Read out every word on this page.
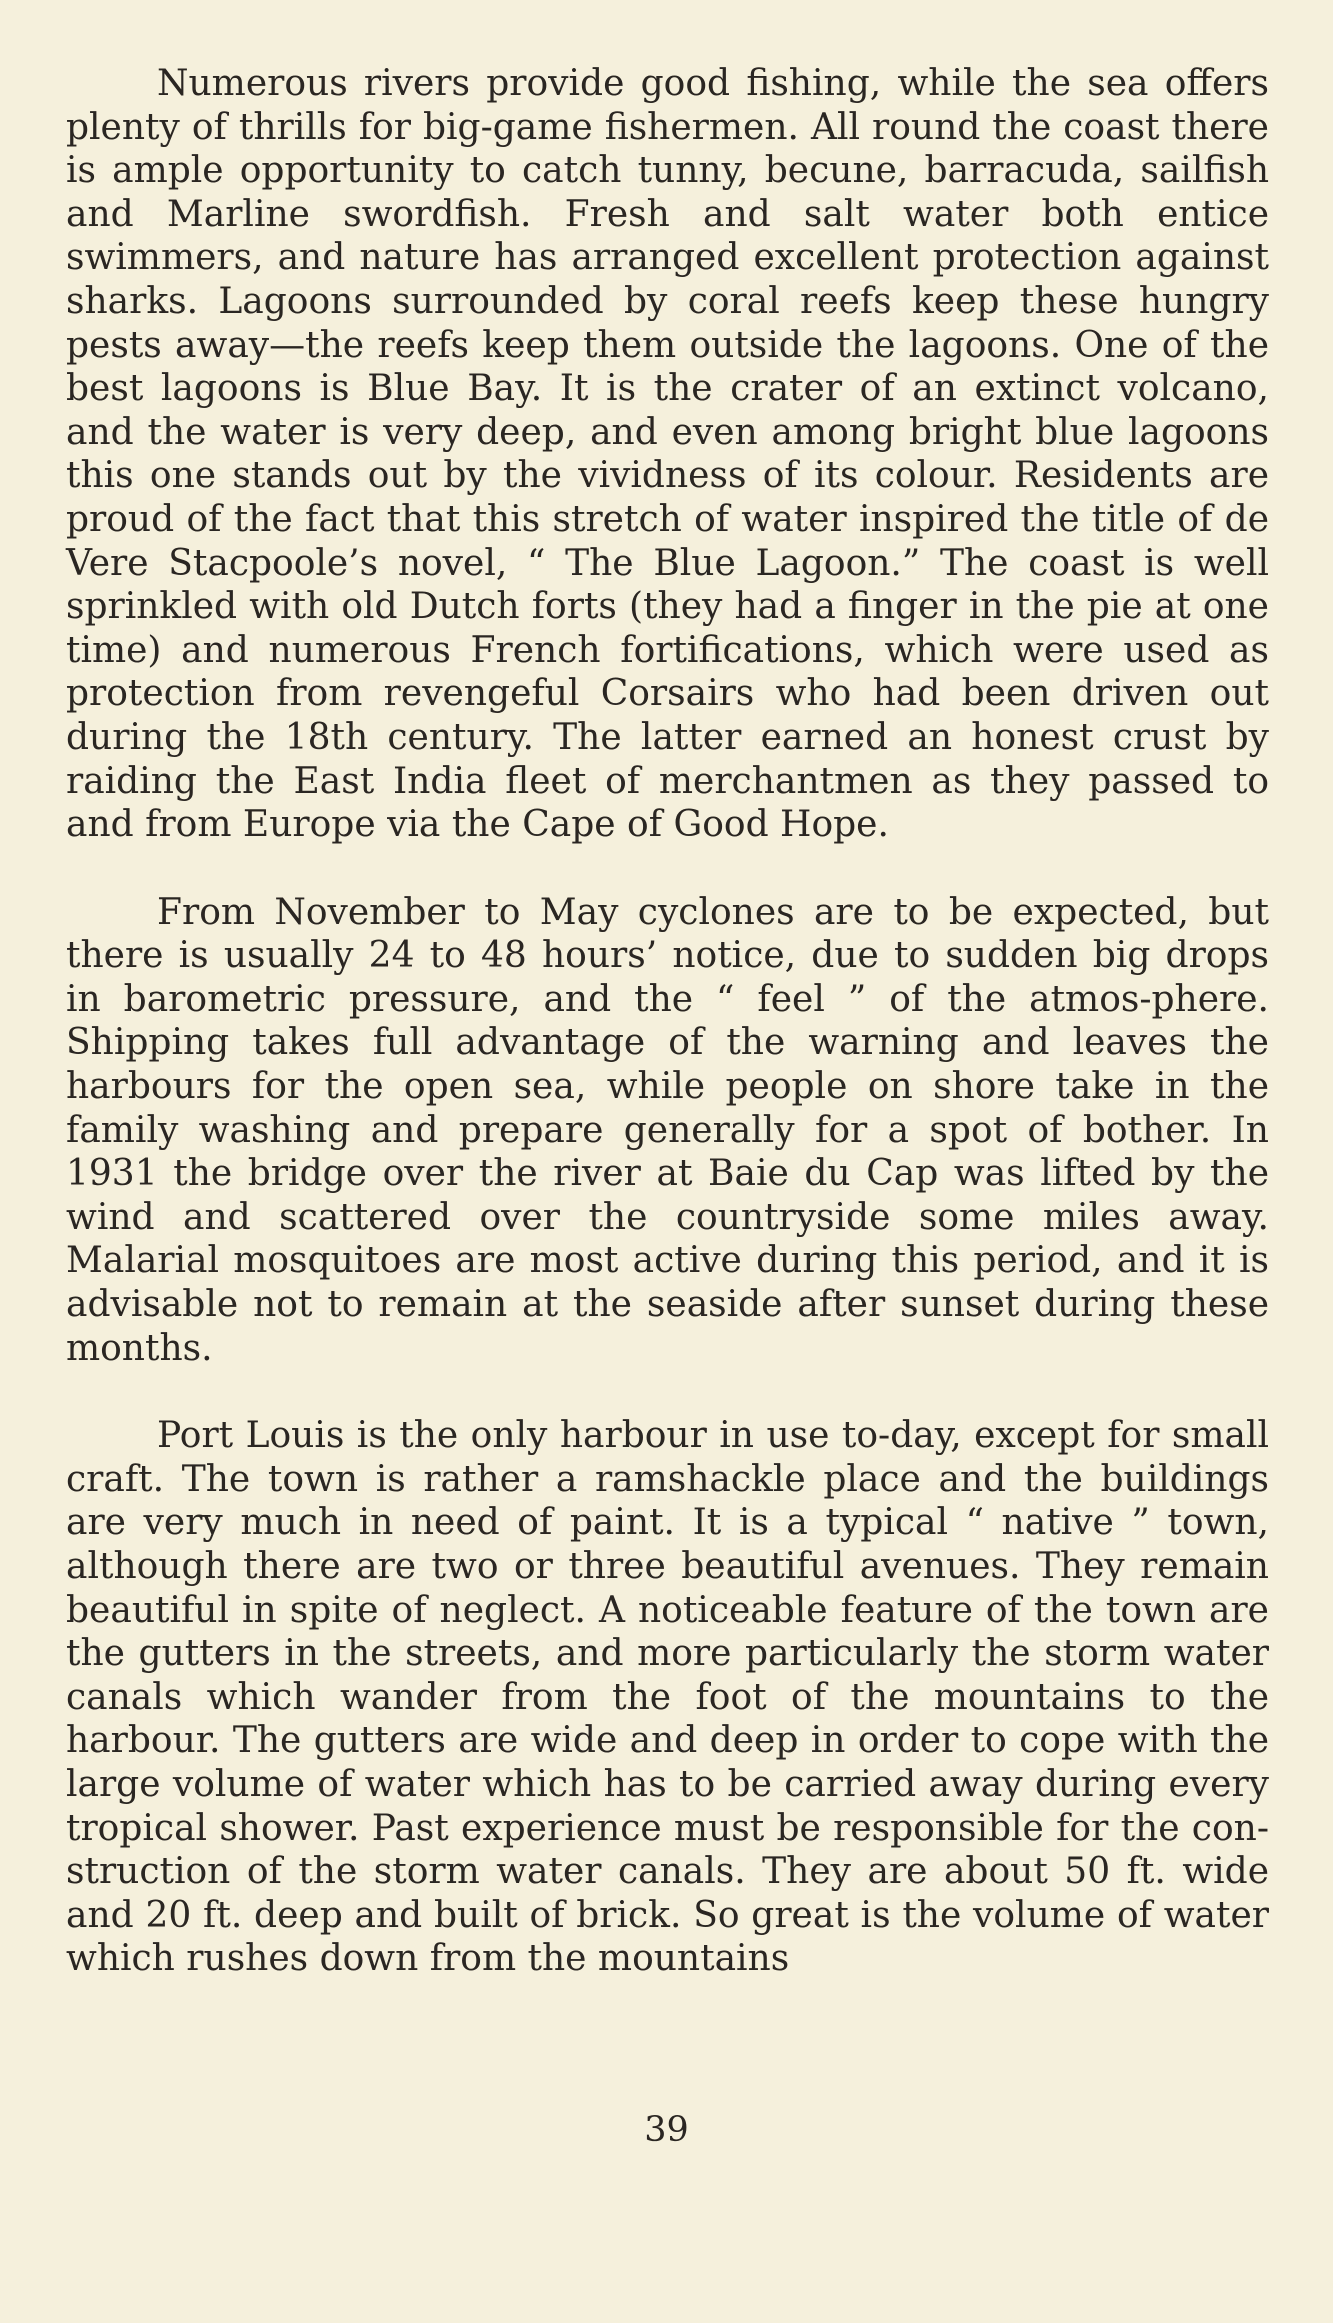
Numerous rivers provide good fishing, while the sea offers plenty of thrills for big-game fishermen. All round the coast there is ample opportunity to catch tunny, becune, barracuda, sailfish and Marline swordfish. Fresh and salt water both entice swimmers, and nature has arranged excellent protection against sharks. Lagoons surrounded by coral reefs keep these hungry pests away—the reefs keep them outside the lagoons. One of the best lagoons is Blue Bay. It is the crater of an extinct volcano, and the water is very deep, and even among bright blue lagoons this one stands out by the vividness of its colour. Residents are proud of the fact that this stretch of water inspired the title of de Vere Stacpoole’s novel, “ The Blue Lagoon.” The coast is well sprinkled with old Dutch forts (they had a finger in the pie at one time) and numerous French fortifications, which were used as protection from revengeful Corsairs who had been driven out during the 18th century. The latter earned an honest crust by raiding the East India fleet of merchantmen as they passed to and from Europe via the Cape of Good Hope.

From November to May cyclones are to be expected, but there is usually 24 to 48 hours’ notice, due to sudden big drops in barometric pressure, and the “ feel ” of the atmos-phere. Shipping takes full advantage of the warning and leaves the harbours for the open sea, while people on shore take in the family washing and prepare generally for a spot of bother. In 1931 the bridge over the river at Baie du Cap was lifted by the wind and scattered over the countryside some miles away. Malarial mosquitoes are most active during this period, and it is advisable not to remain at the seaside after sunset during these months.

Port Louis is the only harbour in use to-day, except for small craft. The town is rather a ramshackle place and the buildings are very much in need of paint. It is a typical “ native ” town, although there are two or three beautiful avenues. They remain beautiful in spite of neglect. A noticeable feature of the town are the gutters in the streets, and more particularly the storm water canals which wander from the foot of the mountains to the harbour. The gutters are wide and deep in order to cope with the large volume of water which has to be carried away during every tropical shower. Past experience must be responsible for the con-struction of the storm water canals. They are about 50 ft. wide and 20 ft. deep and built of brick. So great is the volume of water which rushes down from the mountains

39
